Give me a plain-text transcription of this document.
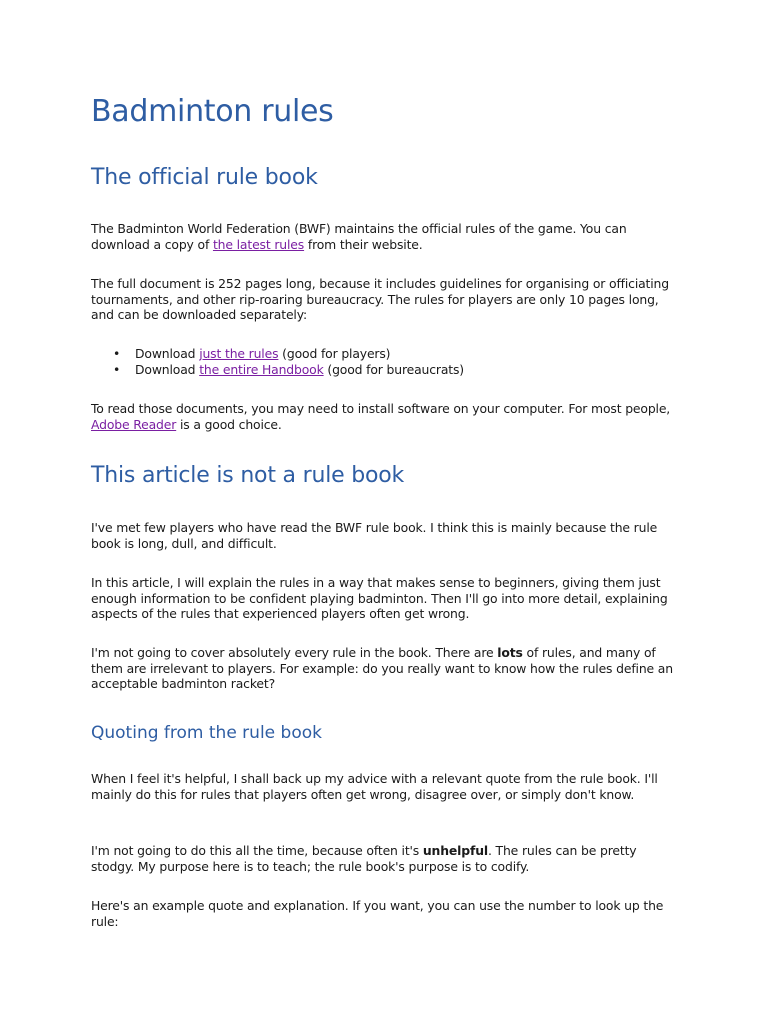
Badminton rules
The official rule book

The Badminton World Federation (BWF) maintains the official rules of the game. You can download a copy of the latest rules from their website.

The full document is 252 pages long, because it includes guidelines for organising or officiating tournaments, and other rip-roaring bureaucracy. The rules for players are only 10 pages long, and can be downloaded separately:

• Download just the rules (good for players)
• Download the entire Handbook (good for bureaucrats)

To read those documents, you may need to install software on your computer. For most people, Adobe Reader is a good choice.

This article is not a rule book

I've met few players who have read the BWF rule book. I think this is mainly because the rule book is long, dull, and difficult.

In this article, I will explain the rules in a way that makes sense to beginners, giving them just enough information to be confident playing badminton. Then I'll go into more detail, explaining aspects of the rules that experienced players often get wrong.

I'm not going to cover absolutely every rule in the book. There are lots of rules, and many of them are irrelevant to players. For example: do you really want to know how the rules define an acceptable badminton racket?

Quoting from the rule book

When I feel it's helpful, I shall back up my advice with a relevant quote from the rule book. I'll mainly do this for rules that players often get wrong, disagree over, or simply don't know.

I'm not going to do this all the time, because often it's unhelpful. The rules can be pretty stodgy. My purpose here is to teach; the rule book's purpose is to codify.

Here's an example quote and explanation. If you want, you can use the number to look up the rule:
